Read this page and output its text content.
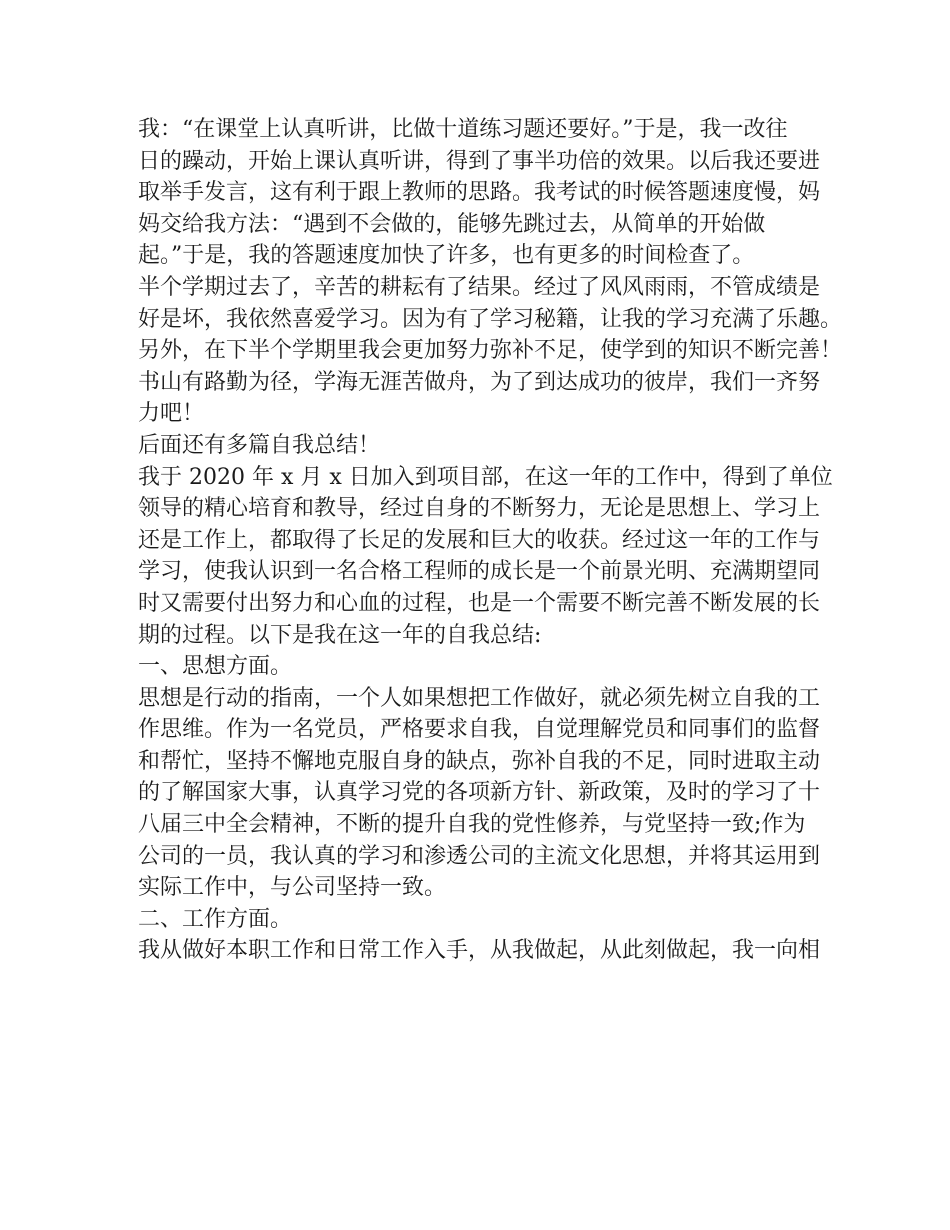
我：“在课堂上认真听讲，比做十道练习题还要好。”于是，我一改往
日的躁动，开始上课认真听讲，得到了事半功倍的效果。以后我还要进
取举手发言，这有利于跟上教师的思路。我考试的时候答题速度慢，妈
妈交给我方法：“遇到不会做的，能够先跳过去，从简单的开始做
起。”于是，我的答题速度加快了许多，也有更多的时间检查了。
半个学期过去了，辛苦的耕耘有了结果。经过了风风雨雨，不管成绩是
好是坏，我依然喜爱学习。因为有了学习秘籍，让我的学习充满了乐趣。
另外，在下半个学期里我会更加努力弥补不足，使学到的知识不断完善！
书山有路勤为径，学海无涯苦做舟，为了到达成功的彼岸，我们一齐努
力吧！
后面还有多篇自我总结！
我于 2020 年 x 月 x 日加入到项目部，在这一年的工作中，得到了单位
领导的精心培育和教导，经过自身的不断努力，无论是思想上、学习上
还是工作上，都取得了长足的发展和巨大的收获。经过这一年的工作与
学习，使我认识到一名合格工程师的成长是一个前景光明、充满期望同
时又需要付出努力和心血的过程，也是一个需要不断完善不断发展的长
期的过程。以下是我在这一年的自我总结:
一、思想方面。
思想是行动的指南，一个人如果想把工作做好，就必须先树立自我的工
作思维。作为一名党员，严格要求自我，自觉理解党员和同事们的监督
和帮忙，坚持不懈地克服自身的缺点，弥补自我的不足，同时进取主动
的了解国家大事，认真学习党的各项新方针、新政策，及时的学习了十
八届三中全会精神，不断的提升自我的党性修养，与党坚持一致;作为
公司的一员，我认真的学习和渗透公司的主流文化思想，并将其运用到
实际工作中，与公司坚持一致。
二、工作方面。
我从做好本职工作和日常工作入手，从我做起，从此刻做起，我一向相
